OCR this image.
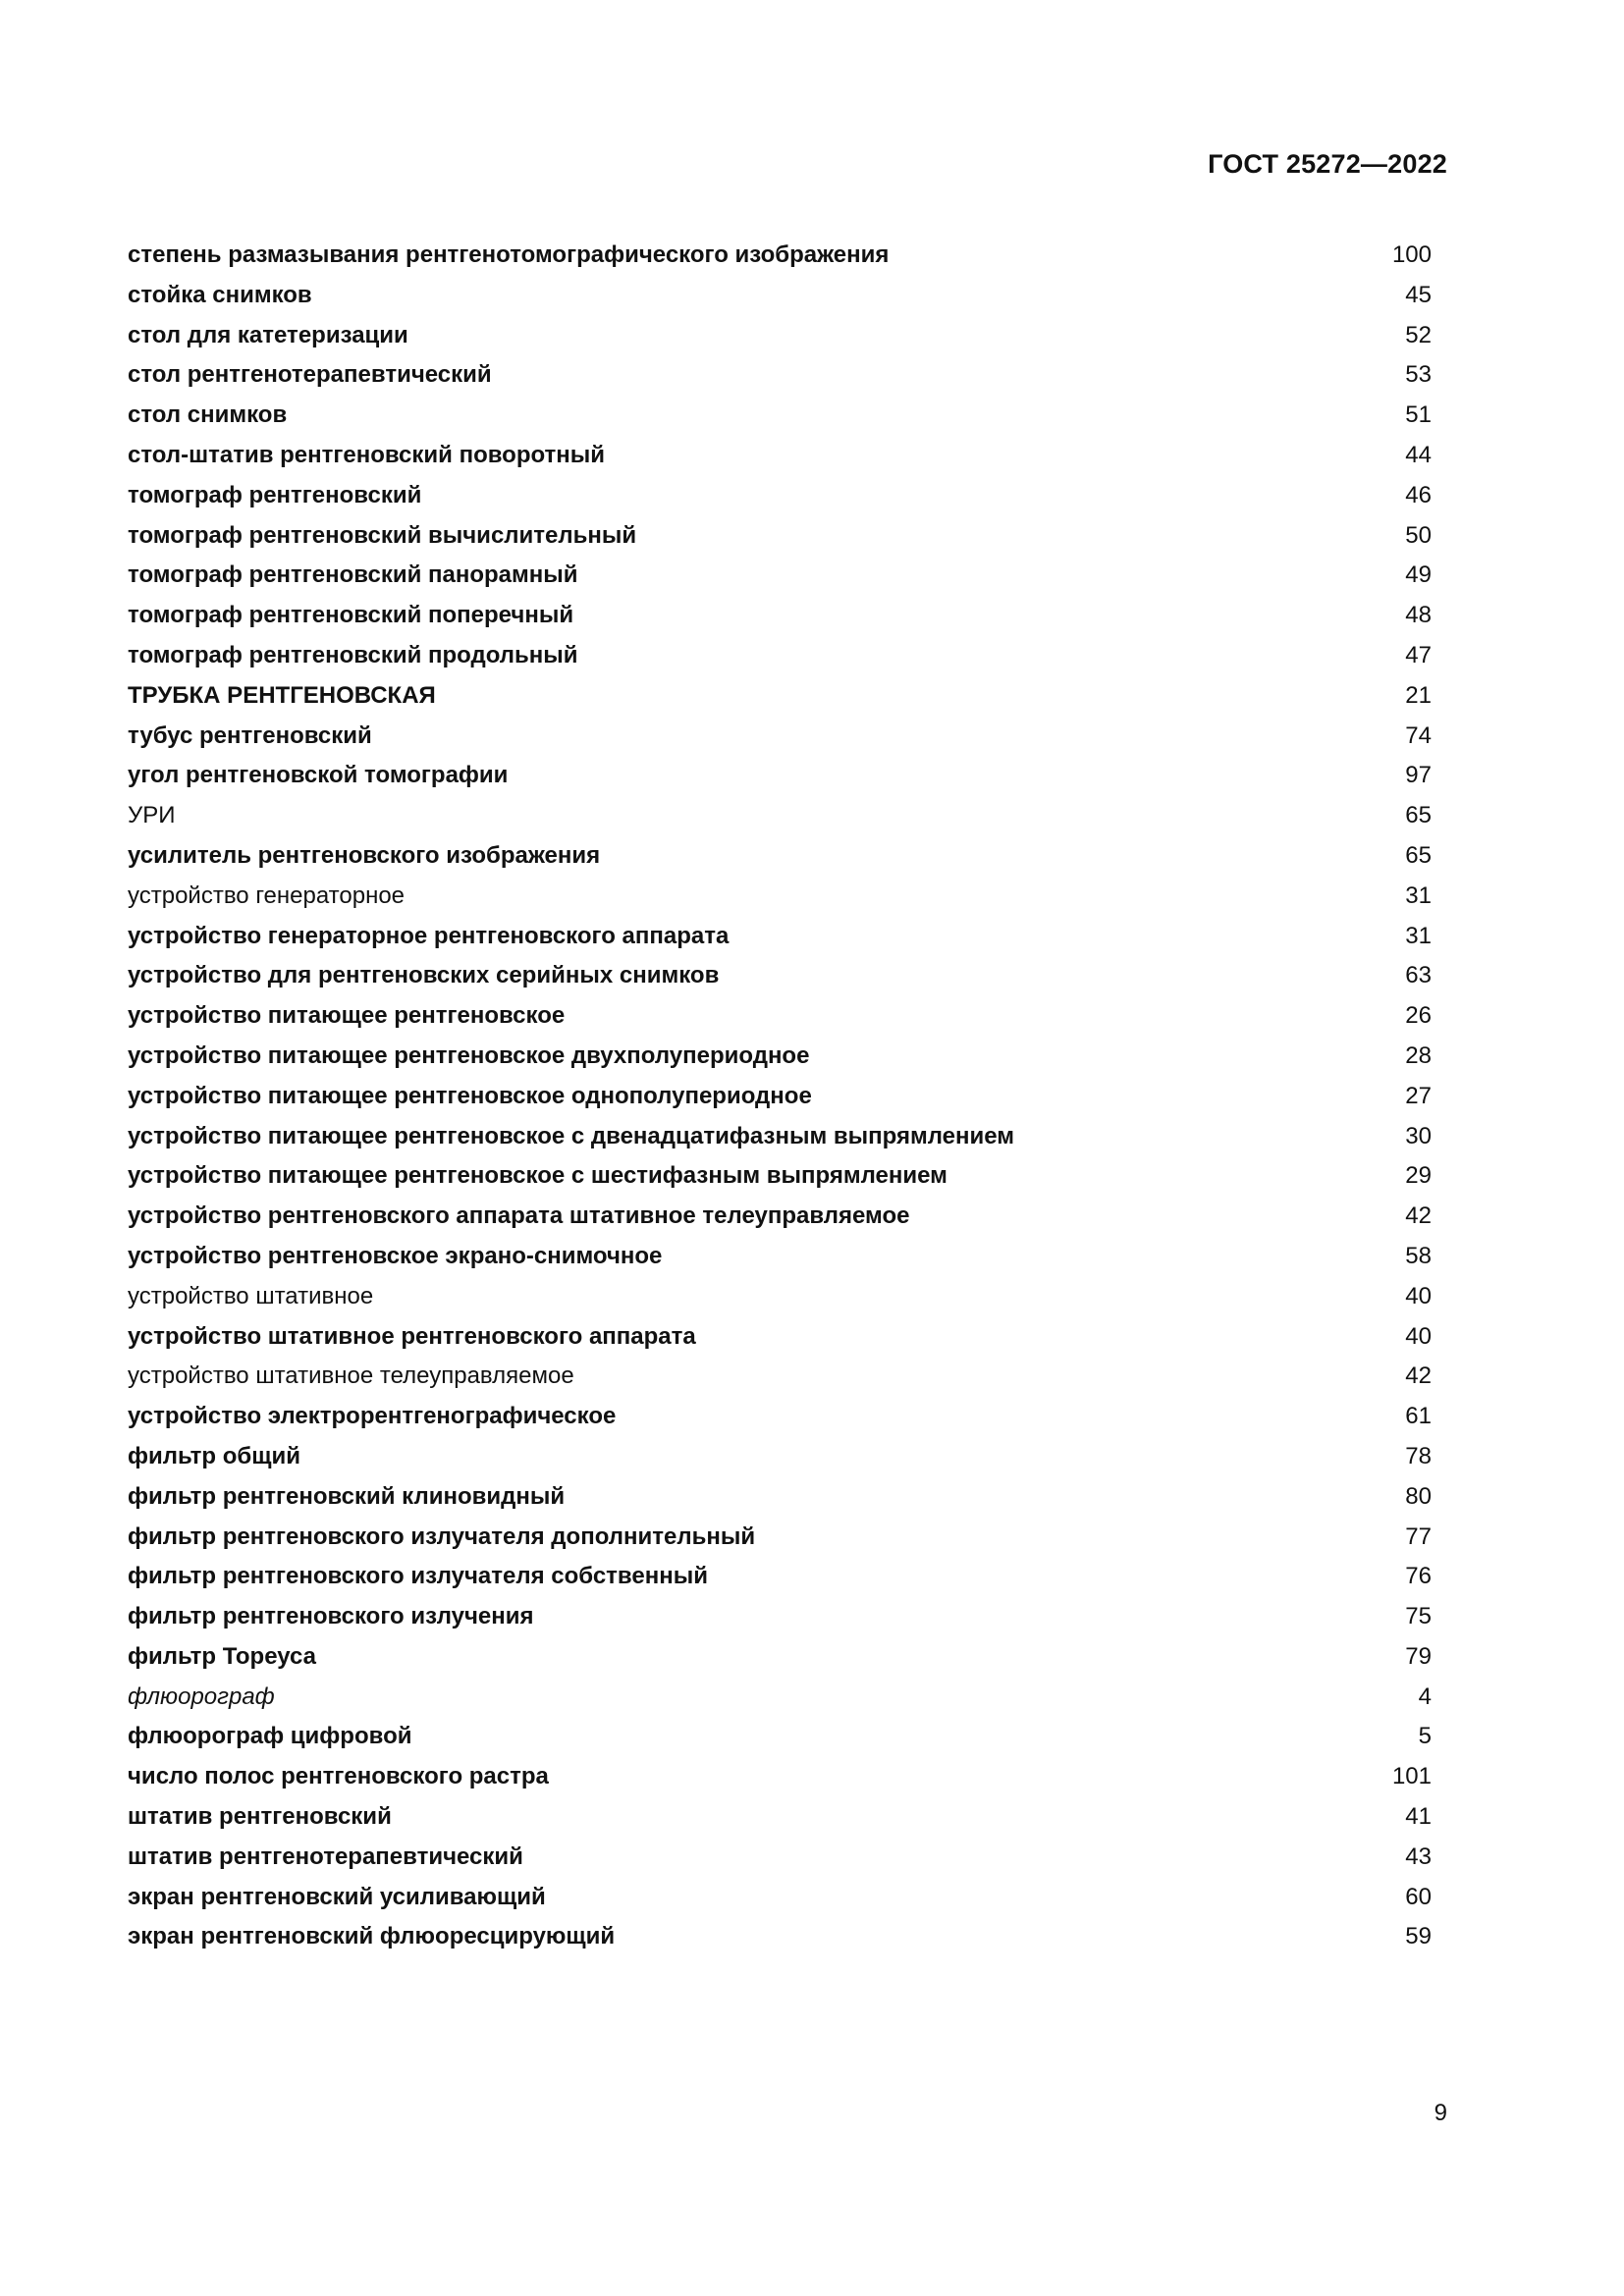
ГОСТ 25272—2022
степень размазывания рентгенотомографического изображения	100
стойка снимков	45
стол для катетеризации	52
стол рентгенотерапевтический	53
стол снимков	51
стол-штатив рентгеновский поворотный	44
томограф рентгеновский	46
томограф рентгеновский вычислительный	50
томограф рентгеновский панорамный	49
томограф рентгеновский поперечный	48
томограф рентгеновский продольный	47
ТРУБКА РЕНТГЕНОВСКАЯ	21
тубус рентгеновский	74
угол рентгеновской томографии	97
УРИ	65
усилитель рентгеновского изображения	65
устройство генераторное	31
устройство генераторное рентгеновского аппарата	31
устройство для рентгеновских серийных снимков	63
устройство питающее рентгеновское	26
устройство питающее рентгеновское двухполупериодное	28
устройство питающее рентгеновское однополупериодное	27
устройство питающее рентгеновское с двенадцатифазным выпрямлением	30
устройство питающее рентгеновское с шестифазным выпрямлением	29
устройство рентгеновского аппарата штативное телеуправляемое	42
устройство рентгеновское экрано-снимочное	58
устройство штативное	40
устройство штативное рентгеновского аппарата	40
устройство штативное телеуправляемое	42
устройство электрорентгенографическое	61
фильтр общий	78
фильтр рентгеновский клиновидный	80
фильтр рентгеновского излучателя дополнительный	77
фильтр рентгеновского излучателя собственный	76
фильтр рентгеновского излучения	75
фильтр Тореуса	79
флюорограф	4
флюорограф цифровой	5
число полос рентгеновского растра	101
штатив рентгеновский	41
штатив рентгенотерапевтический	43
экран рентгеновский усиливающий	60
экран рентгеновский флюоресцирующий	59
9
